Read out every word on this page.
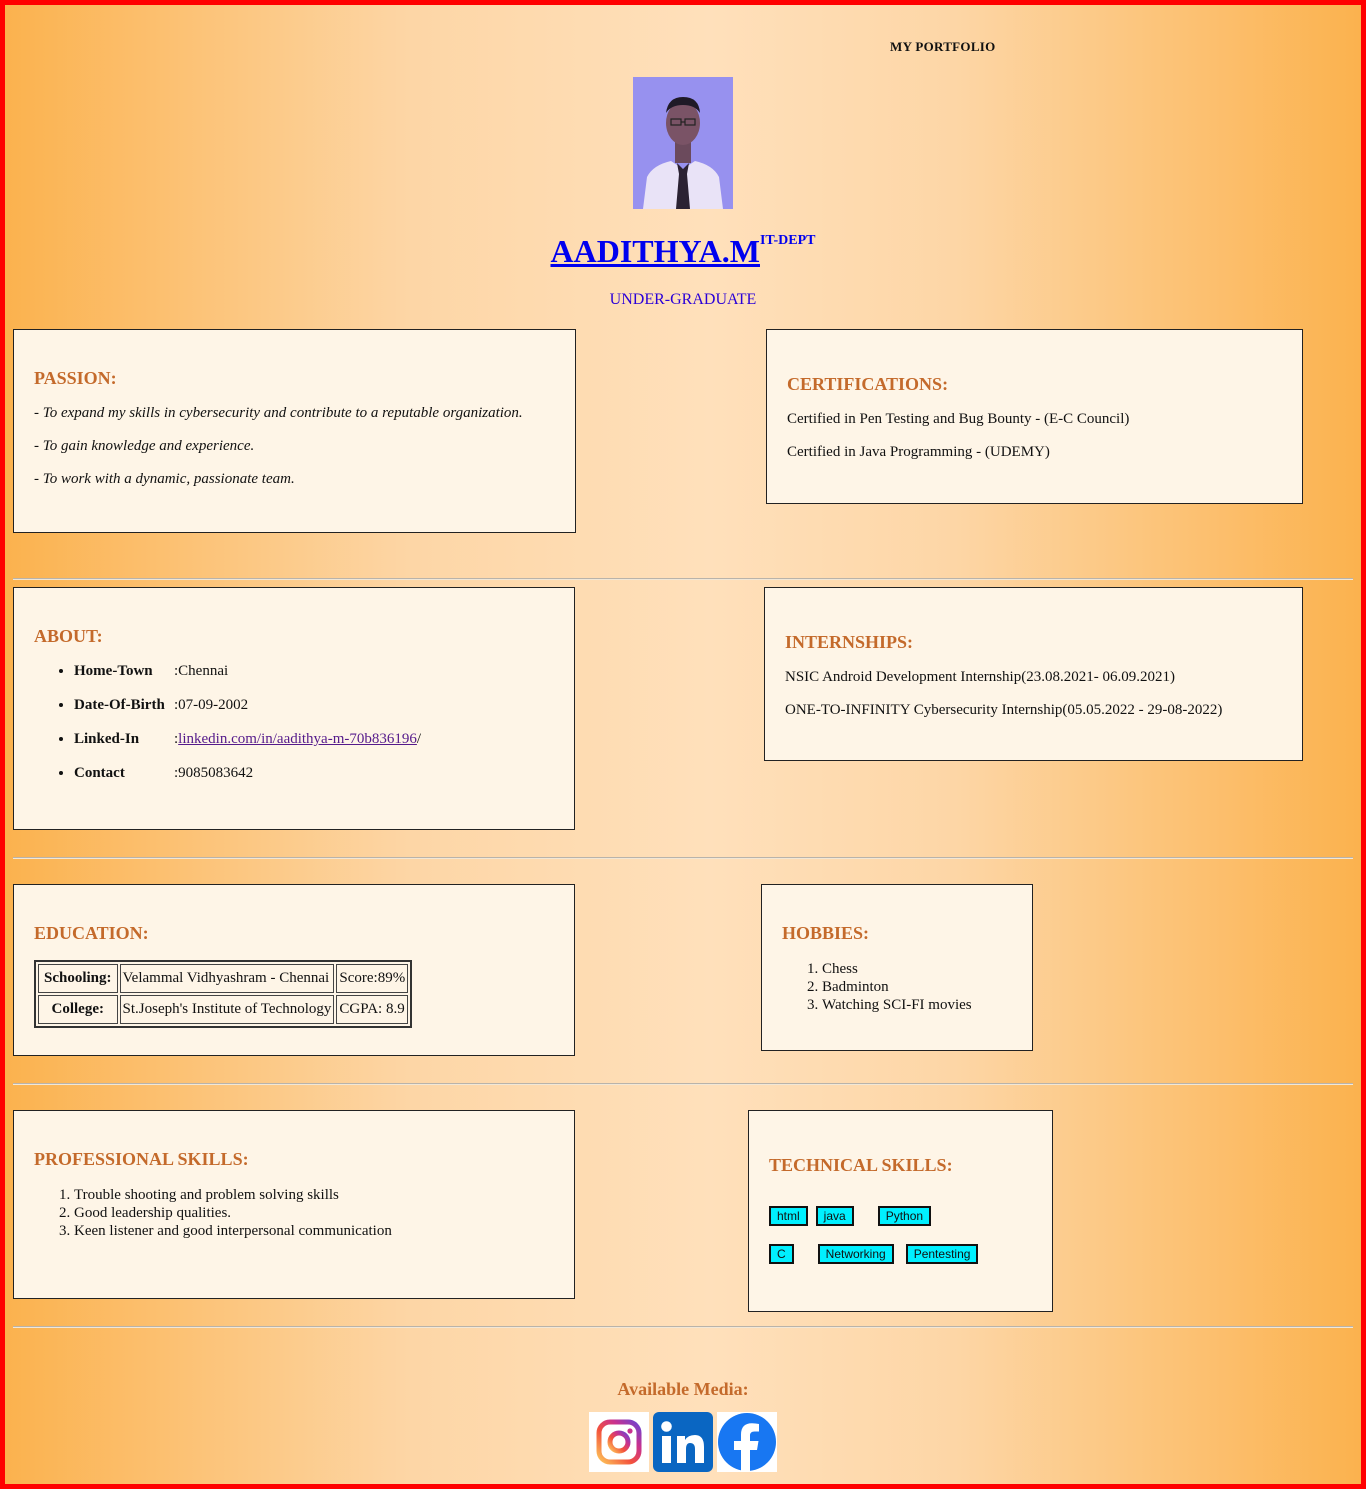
MY PORTFOLIO
$AADITHYA.M^{IT-DEPT}$
UNDER-GRADUATE
PASSION:

- To expand my skills in cybersecurity and contribute to a reputable organization.

- To gain knowledge and experience.

- To work with a dynamic, passionate team.

CERTIFICATIONS:

Certified in Pen Testing and Bug Bounty - (E-C Council)

Certified in Java Programming - (UDEMY)

ABOUT:
• Home-Town :Chennai
• Date-Of-Birth :07-09-2002
• Linked-In :linkedin.com/in/aadithya-m-70b836196/
• Contact	:9085083642
INTERNSHIPS:

NSIC Android Development Internship(23.08.2021- 06.09.2021)

ONE-TO-INFINITY Cybersecurity Internship(05.05.2022 - 29-08-2022)

EDUCATION:
Schooling:	Velammal Vidhyashram - Chennai	Score:89%
College:	St.Joseph's Institute of Technology	CGPA: 8.9
HOBBIES:
1. Chess
2. Badminton
3. Watching SCI-FI movies
PROFESSIONAL SKILLS:
1. Trouble shooting and problem solving skills
2. Good leadership qualities.
3. Keen listener and good interpersonal communication
TECHNICAL SKILLS:
html java	Python
C	Networking Pentesting
Available Media:
